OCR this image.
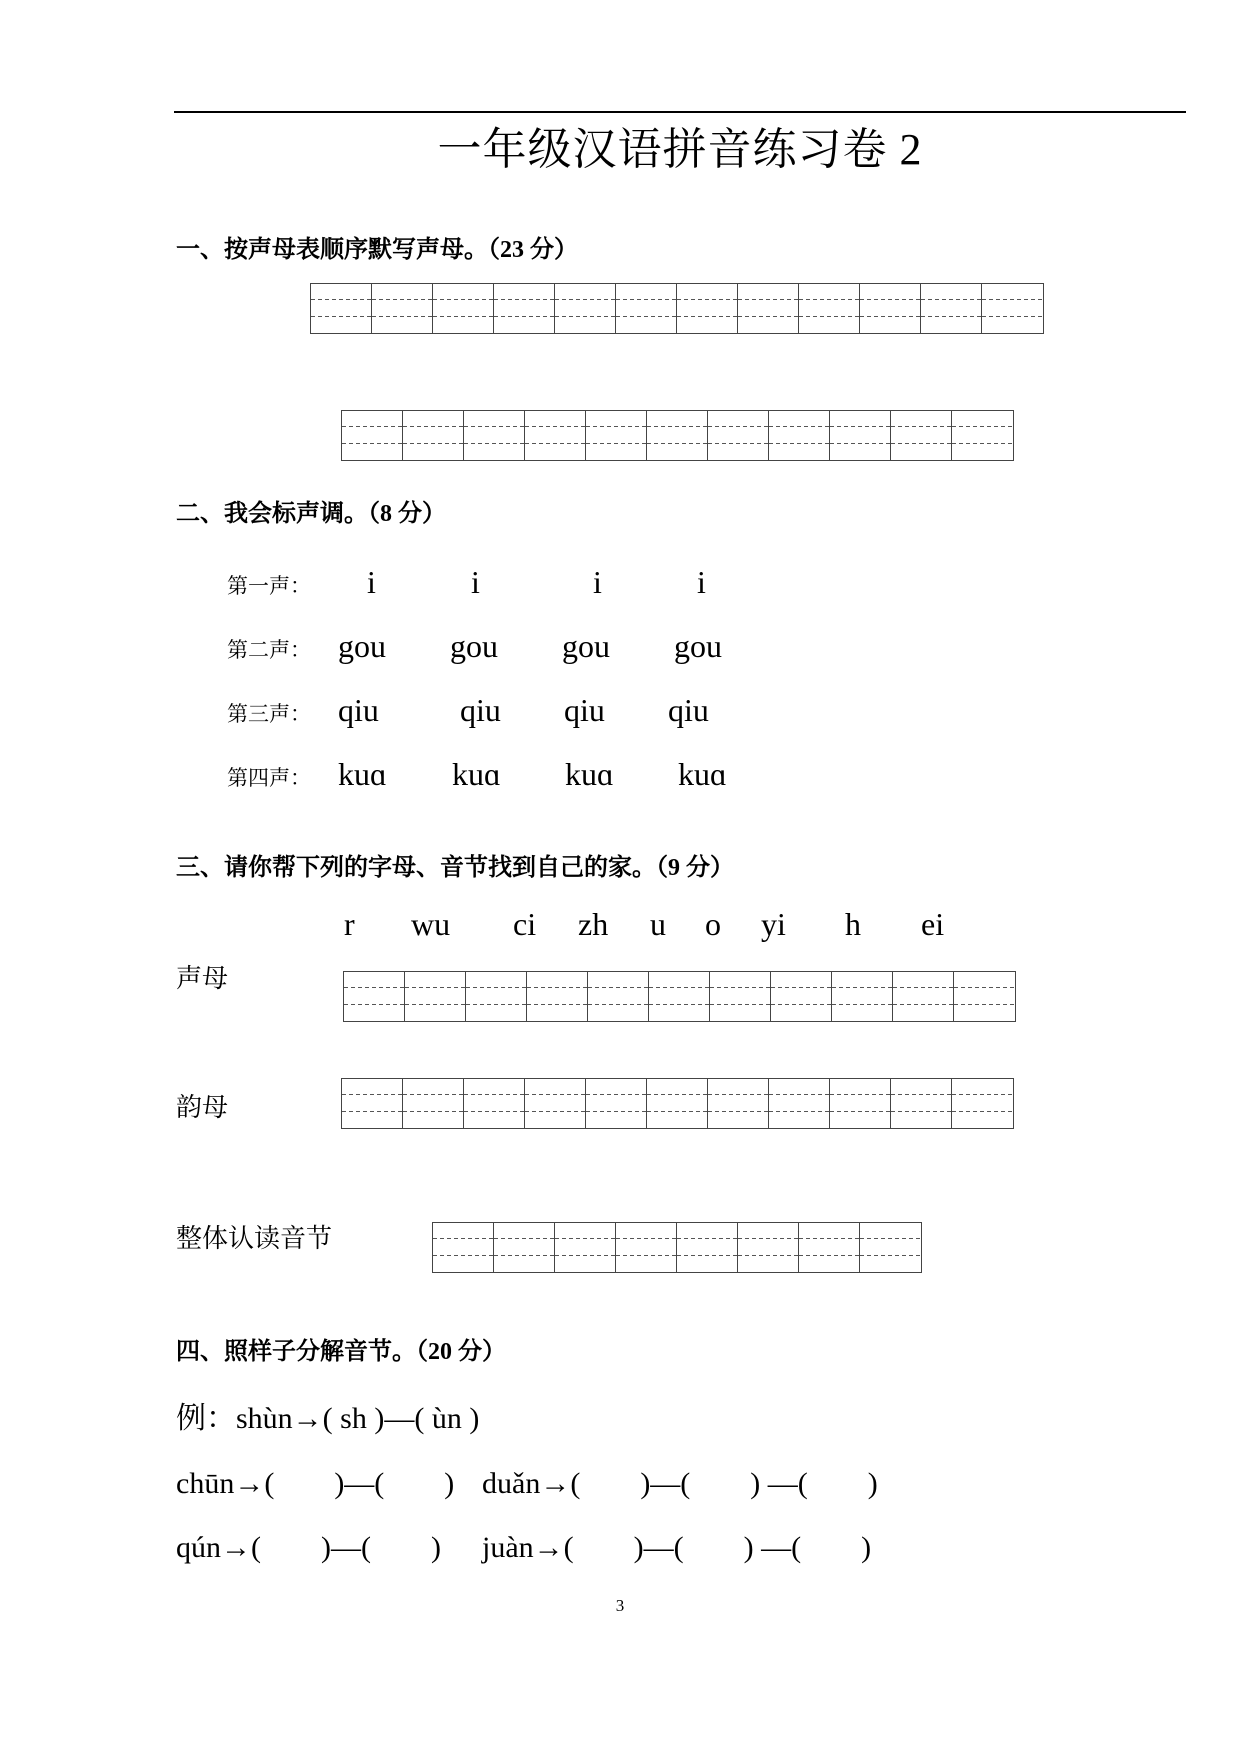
一年级汉语拼音练习卷 2
一、按声母表顺序默写声母。（23 分）
二、我会标声调。（8 分）
第一声：	i	i	i	i
第二声： gou	gou	gou	gou
第三声： qiu	qiu	qiu	qiu
第四声： kuɑ	kuɑ	kuɑ	kuɑ
三、请你帮下列的字母、音节找到自己的家。（9 分）
r wu ci zh u o yi h ei
声母
韵母
整体认读音节
四、照样子分解音节。（20 分）
例：shùn→( sh )—( ùn )
chūn→(　　)—(　　) duǎn→(　　)—(　　) —(　　)
qún→(　　)—(　　) juàn→(　　)—(　　) —(　　)
3
